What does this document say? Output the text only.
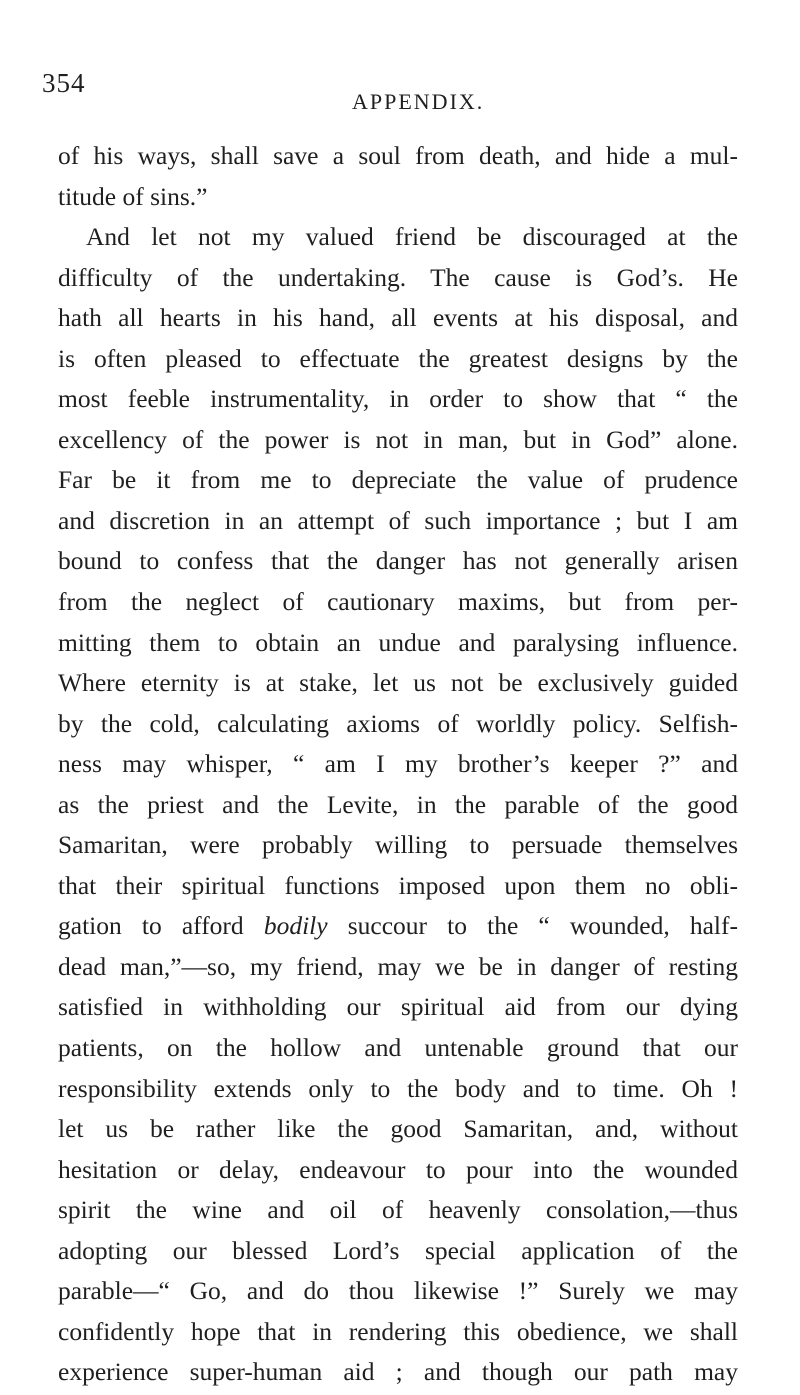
354
APPENDIX.
of his ways, shall save a soul from death, and hide a mul-
titude of sins.”
And let not my valued friend be discouraged at the
difficulty of the undertaking. The cause is God’s. He
hath all hearts in his hand, all events at his disposal, and
is often pleased to effectuate the greatest designs by the
most feeble instrumentality, in order to show that “ the
excellency of the power is not in man, but in God” alone.
Far be it from me to depreciate the value of prudence
and discretion in an attempt of such importance ; but I am
bound to confess that the danger has not generally arisen
from the neglect of cautionary maxims, but from per-
mitting them to obtain an undue and paralysing influence.
Where eternity is at stake, let us not be exclusively guided
by the cold, calculating axioms of worldly policy. Selfish-
ness may whisper, “ am I my brother’s keeper ?” and
as the priest and the Levite, in the parable of the good
Samaritan, were probably willing to persuade themselves
that their spiritual functions imposed upon them no obli-
gation to afford bodily succour to the “ wounded, half-
dead man,”—so, my friend, may we be in danger of resting
satisfied in withholding our spiritual aid from our dying
patients, on the hollow and untenable ground that our
responsibility extends only to the body and to time. Oh !
let us be rather like the good Samaritan, and, without
hesitation or delay, endeavour to pour into the wounded
spirit the wine and oil of heavenly consolation,—thus
adopting our blessed Lord’s special application of the
parable—“ Go, and do thou likewise !” Surely we may
confidently hope that in rendering this obedience, we shall
experience super-human aid ; and though our path may
